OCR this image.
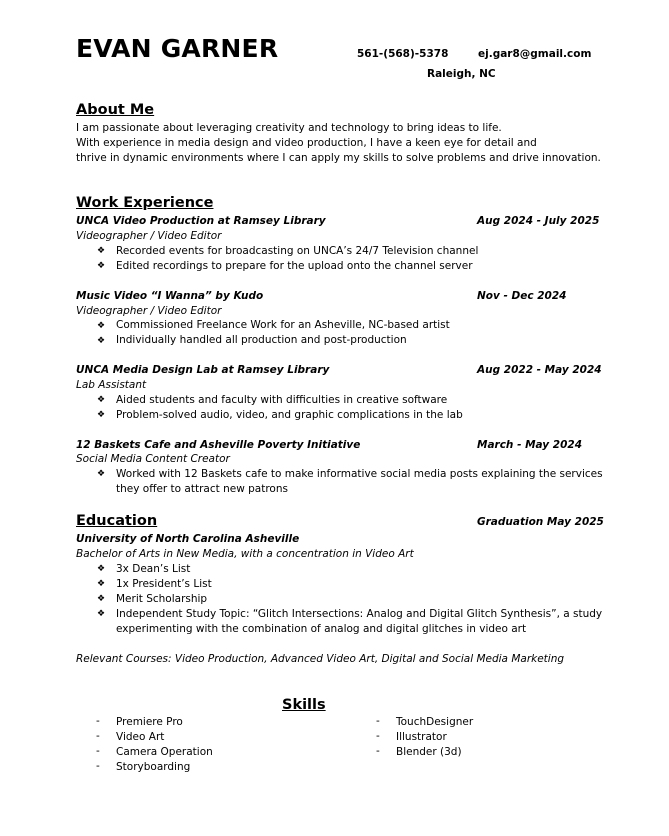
EVAN GARNER	561-(568)-5378	ej.gar8@gmail.com
Raleigh, NC
About Me
I am passionate about leveraging creativity and technology to bring ideas to life.
With experience in media design and video production, I have a keen eye for detail and
thrive in dynamic environments where I can apply my skills to solve problems and drive innovation.
Work Experience
UNCA Video Production at Ramsey Library	Aug 2024 - July 2025
Videographer / Video Editor
❖ Recorded events for broadcasting on UNCA’s 24/7 Television channel
❖ Edited recordings to prepare for the upload onto the channel server
Music Video “I Wanna” by Kudo	Nov - Dec 2024
Videographer / Video Editor
❖ Commissioned Freelance Work for an Asheville, NC-based artist
❖ Individually handled all production and post-production
UNCA Media Design Lab at Ramsey Library	Aug 2022 - May 2024
Lab Assistant
❖ Aided students and faculty with difficulties in creative software
❖ Problem-solved audio, video, and graphic complications in the lab
12 Baskets Cafe and Asheville Poverty Initiative	March - May 2024
Social Media Content Creator
❖ Worked with 12 Baskets cafe to make informative social media posts explaining the services
they offer to attract new patrons
Education	Graduation May 2025
University of North Carolina Asheville
Bachelor of Arts in New Media, with a concentration in Video Art
❖ 3x Dean’s List
❖ 1x President’s List
❖ Merit Scholarship
❖ Independent Study Topic: “Glitch Intersections: Analog and Digital Glitch Synthesis”, a study
experimenting with the combination of analog and digital glitches in video art
Relevant Courses: Video Production, Advanced Video Art, Digital and Social Media Marketing
Skills
- Premiere Pro
- Video Art
- Camera Operation
- Storyboarding
- TouchDesigner
- Illustrator
- Blender (3d)
